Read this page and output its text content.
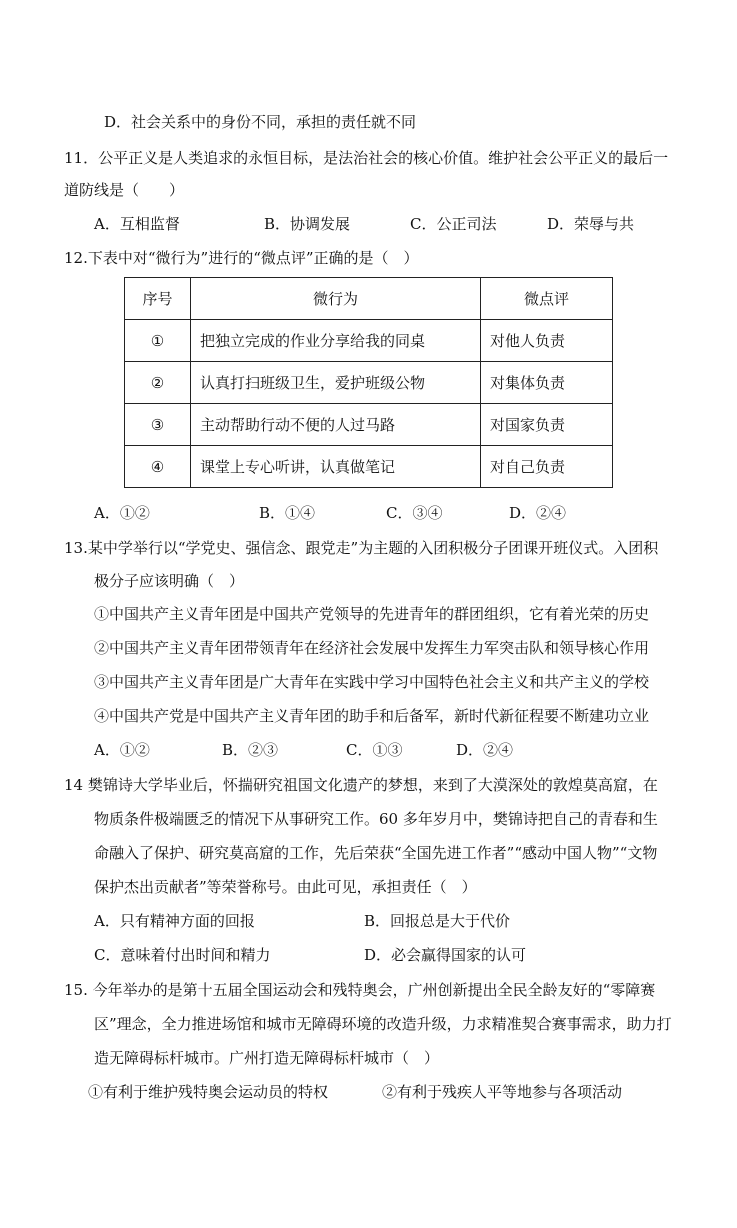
D．社会关系中的身份不同，承担的责任就不同
11．公平正义是人类追求的永恒目标，是法治社会的核心价值。维护社会公平正义的最后一
道防线是（　　）
A．互相监督	B．协调发展	C．公正司法	D．荣辱与共
12.下表中对“微行为”进行的“微点评”正确的是（　）
序号	微行为	微点评
①	把独立完成的作业分享给我的同桌	对他人负责
②	认真打扫班级卫生，爱护班级公物	对集体负责
③	主动帮助行动不便的人过马路	对国家负责
④	课堂上专心听讲，认真做笔记	对自己负责
A．①②	B．①④	C．③④	D．②④
13.某中学举行以“学党史、强信念、跟党走”为主题的入团积极分子团课开班仪式。入团积
极分子应该明确（　）
①中国共产主义青年团是中国共产党领导的先进青年的群团组织，它有着光荣的历史
②中国共产主义青年团带领青年在经济社会发展中发挥生力军突击队和领导核心作用
③中国共产主义青年团是广大青年在实践中学习中国特色社会主义和共产主义的学校
④中国共产党是中国共产主义青年团的助手和后备军，新时代新征程要不断建功立业
A．①②	B．②③	C．①③	D．②④
14 樊锦诗大学毕业后，怀揣研究祖国文化遗产的梦想，来到了大漠深处的敦煌莫高窟，在
物质条件极端匮乏的情况下从事研究工作。60 多年岁月中，樊锦诗把自己的青春和生
命融入了保护、研究莫高窟的工作，先后荣获“全国先进工作者”“感动中国人物”“文物
保护杰出贡献者”等荣誉称号。由此可见，承担责任（　）
A．只有精神方面的回报	B．回报总是大于代价
C．意味着付出时间和精力	D．必会赢得国家的认可
15. 今年举办的是第十五届全国运动会和残特奥会，广州创新提出全民全龄友好的“零障赛
区”理念，全力推进场馆和城市无障碍环境的改造升级，力求精准契合赛事需求，助力打
造无障碍标杆城市。广州打造无障碍标杆城市（　）
①有利于维护残特奥会运动员的特权	②有利于残疾人平等地参与各项活动
